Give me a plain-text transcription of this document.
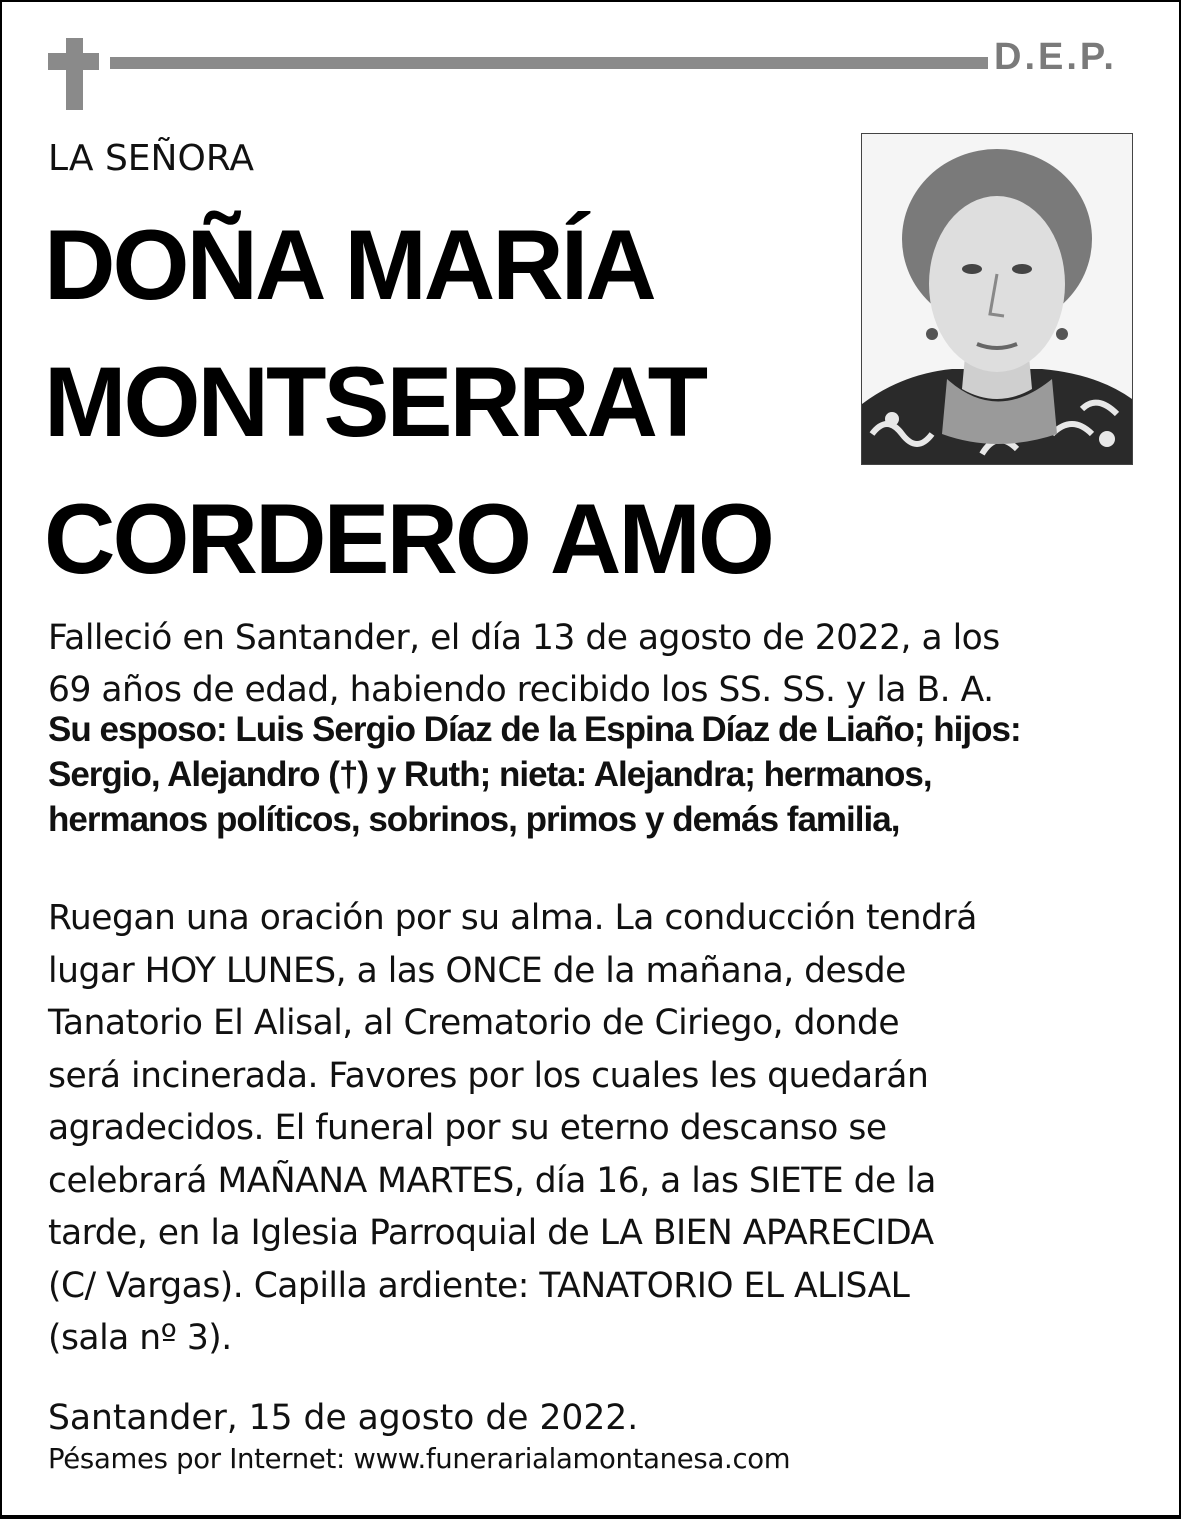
D.E.P.
LA SEÑORA
DOÑA MARÍA
MONTSERRAT
CORDERO AMO
Falleció en Santander, el día 13 de agosto de 2022, a los
69 años de edad, habiendo recibido los SS. SS. y la B. A.
Su esposo: Luis Sergio Díaz de la Espina Díaz de Liaño; hijos:
Sergio, Alejandro (†) y Ruth; nieta: Alejandra; hermanos,
hermanos políticos, sobrinos, primos y demás familia,
Ruegan una oración por su alma. La conducción tendrá
lugar HOY LUNES, a las ONCE de la mañana, desde
Tanatorio El Alisal, al Crematorio de Ciriego, donde
será incinerada. Favores por los cuales les quedarán
agradecidos. El funeral por su eterno descanso se
celebrará MAÑANA MARTES, día 16, a las SIETE de la
tarde, en la Iglesia Parroquial de LA BIEN APARECIDA
(C/ Vargas). Capilla ardiente: TANATORIO EL ALISAL
(sala nº 3).
Santander, 15 de agosto de 2022.
Pésames por Internet: www.funerarialamontanesa.com
